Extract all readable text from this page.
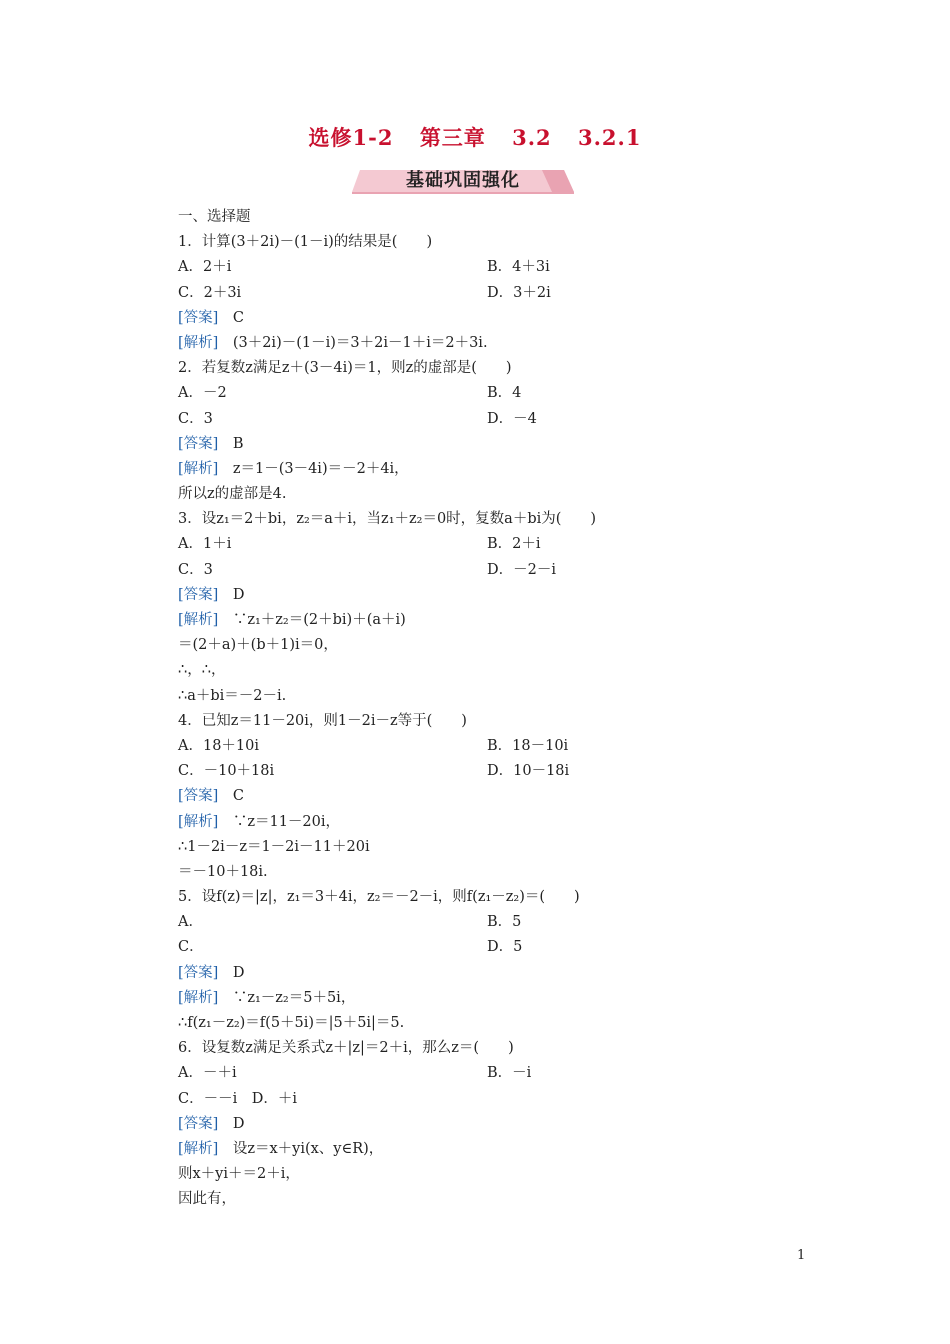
选修1-2 第三章 3.2 3.2.1
基础巩固强化
一、选择题
1．计算(3＋2i)－(1－i)的结果是(　　)
A．2＋i	B．4＋3i
C．2＋3i	D．3＋2i
[答案]　C
[解析]　(3＋2i)－(1－i)＝3＋2i－1＋i＝2＋3i.
2．若复数z满足z＋(3－4i)＝1，则z的虚部是(　　)
A．－2	B．4
C．3	D．－4
[答案]　B
[解析]　z＝1－(3－4i)＝－2＋4i，
所以z的虚部是4.
3．设z₁＝2＋bi，z₂＝a＋i，当z₁＋z₂＝0时，复数a＋bi为(　　)
A．1＋i	B．2＋i
C．3	D．－2－i
[答案]　D
[解析]　∵z₁＋z₂＝(2＋bi)＋(a＋i)
＝(2＋a)＋(b＋1)i＝0，
∴，∴，
∴a＋bi＝－2－i.
4．已知z＝11－20i，则1－2i－z等于(　　)
A．18＋10i	B．18－10i
C．－10＋18i	D．10－18i
[答案]　C
[解析]　∵z＝11－20i，
∴1－2i－z＝1－2i－11＋20i
＝－10＋18i.
5．设f(z)＝|z|，z₁＝3＋4i，z₂＝－2－i，则f(z₁－z₂)＝(　　)
A．	B．5
C．	D．5
[答案]　D
[解析]　∵z₁－z₂＝5＋5i，
∴f(z₁－z₂)＝f(5＋5i)＝|5＋5i|＝5.
6．设复数z满足关系式z＋|z|＝2＋i，那么z＝(　　)
A．－＋i	B．－i
C．－－i　D．＋i
[答案]　D
[解析]　设z＝x＋yi(x、y∈R)，
则x＋yi＋＝2＋i，
因此有，
1
